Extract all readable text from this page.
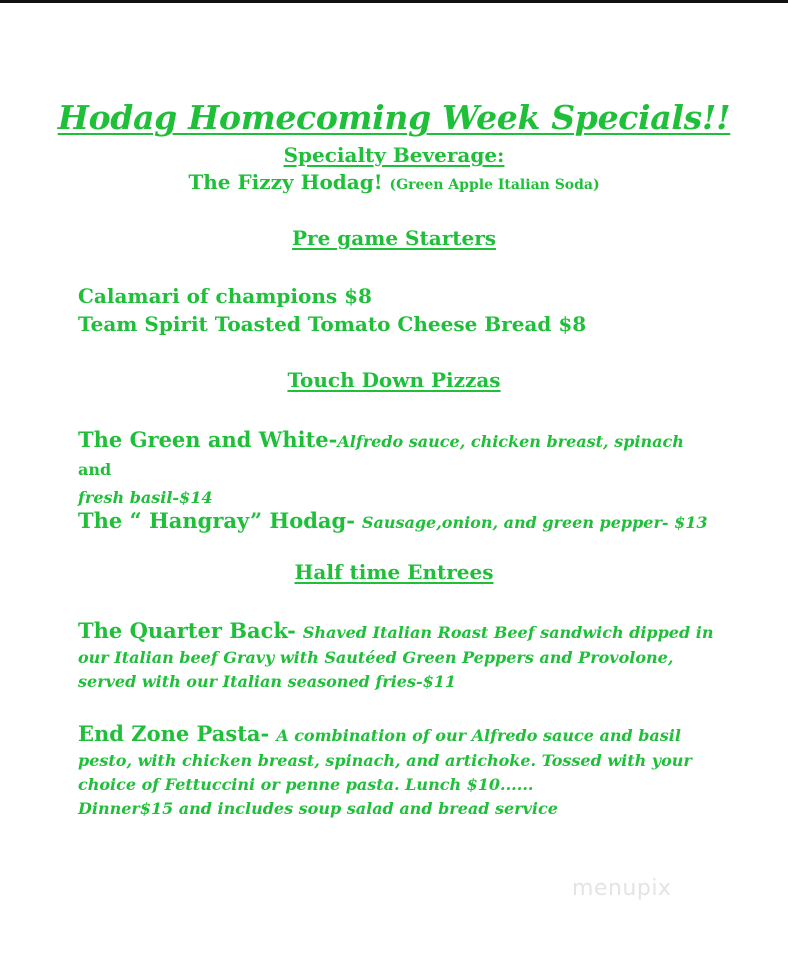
Hodag Homecoming Week Specials!!
Specialty Beverage:
The Fizzy Hodag! (Green Apple Italian Soda)
Pre game Starters
Calamari of champions $8
Team Spirit Toasted Tomato Cheese Bread $8
Touch Down Pizzas
The Green and White-Alfredo sauce, chicken breast, spinach and
fresh basil-$14
The “ Hangray” Hodag- Sausage,onion, and green pepper- $13
Half time Entrees
The Quarter Back- Shaved Italian Roast Beef sandwich dipped in
our Italian beef Gravy with Sautéed Green Peppers and Provolone,
served with our Italian seasoned fries-$11
End Zone Pasta- A combination of our Alfredo sauce and basil
pesto, with chicken breast, spinach, and artichoke. Tossed with your
choice of Fettuccini or penne pasta. Lunch $10......
Dinner$15 and includes soup salad and bread service
menupix
